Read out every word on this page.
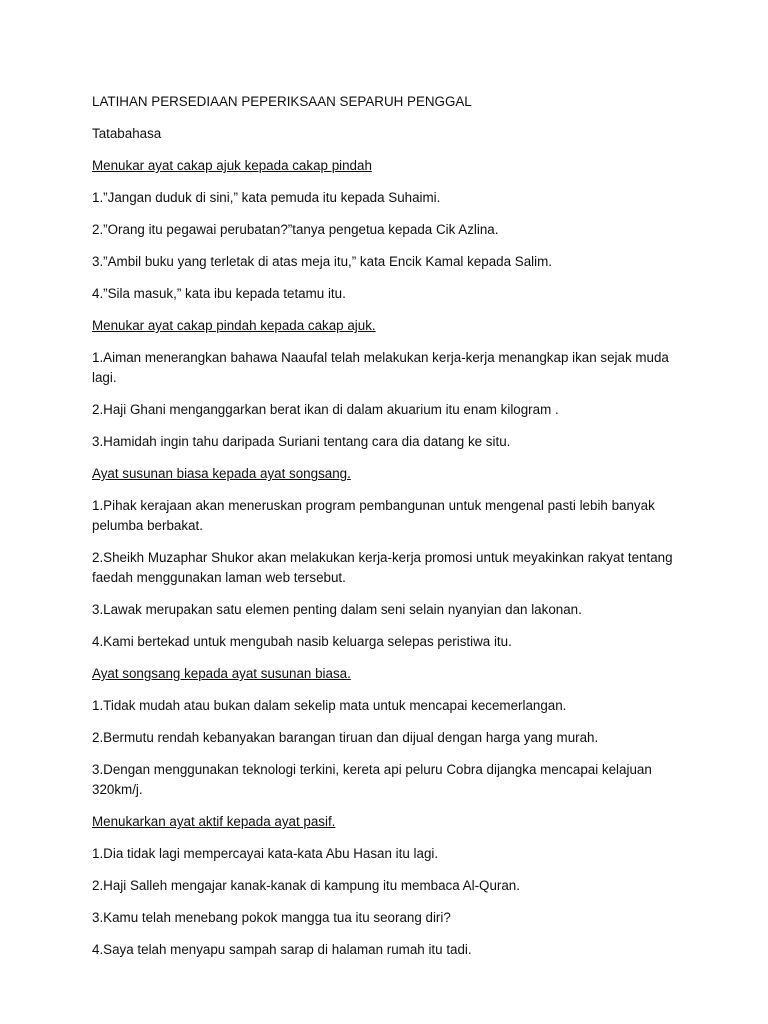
LATIHAN PERSEDIAAN PEPERIKSAAN SEPARUH PENGGAL

Tatabahasa

Menukar ayat cakap ajuk kepada cakap pindah

1.”Jangan duduk di sini,” kata pemuda itu kepada Suhaimi.

2.”Orang itu pegawai perubatan?”tanya pengetua kepada Cik Azlina.

3.”Ambil buku yang terletak di atas meja itu,” kata Encik Kamal kepada Salim.

4.”Sila masuk,” kata ibu kepada tetamu itu.

Menukar ayat cakap pindah kepada cakap ajuk.

1.Aiman menerangkan bahawa Naaufal telah melakukan kerja-kerja menangkap ikan sejak muda lagi.

2.Haji Ghani menganggarkan berat ikan di dalam akuarium itu enam kilogram .

3.Hamidah ingin tahu daripada Suriani tentang cara dia datang ke situ.

Ayat susunan biasa kepada ayat songsang.

1.Pihak kerajaan akan meneruskan program pembangunan untuk mengenal pasti lebih banyak pelumba berbakat.

2.Sheikh Muzaphar Shukor akan melakukan kerja-kerja promosi untuk meyakinkan rakyat tentang faedah menggunakan laman web tersebut.

3.Lawak merupakan satu elemen penting dalam seni selain nyanyian dan lakonan.

4.Kami bertekad untuk mengubah nasib keluarga selepas peristiwa itu.

Ayat songsang kepada ayat susunan biasa.

1.Tidak mudah atau bukan dalam sekelip mata untuk mencapai kecemerlangan.

2.Bermutu rendah kebanyakan barangan tiruan dan dijual dengan harga yang murah.

3.Dengan menggunakan teknologi terkini, kereta api peluru Cobra dijangka mencapai kelajuan 320km/j.

Menukarkan ayat aktif kepada ayat pasif.

1.Dia tidak lagi mempercayai kata-kata Abu Hasan itu lagi.

2.Haji Salleh mengajar kanak-kanak di kampung itu membaca Al-Quran.

3.Kamu telah menebang pokok mangga tua itu seorang diri?

4.Saya telah menyapu sampah sarap di halaman rumah itu tadi.
